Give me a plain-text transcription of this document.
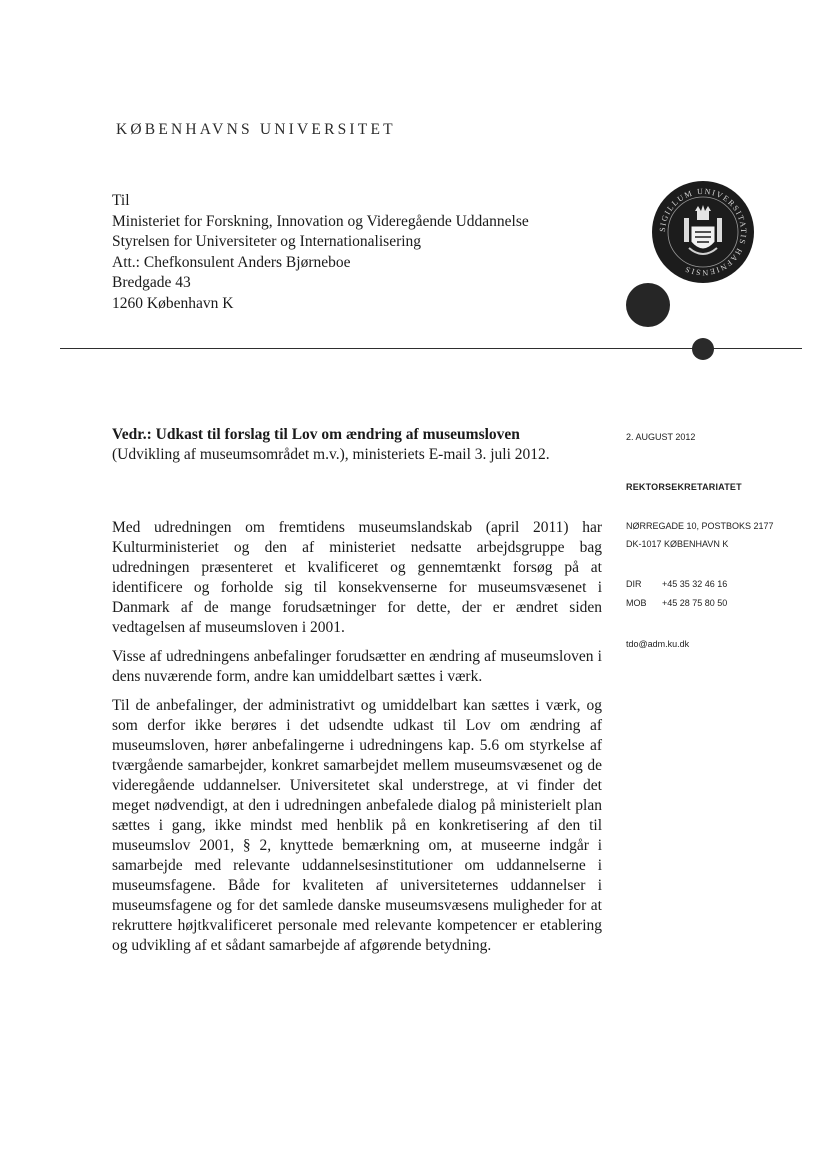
KØBENHAVNS UNIVERSITET
Til
Ministeriet for Forskning, Innovation og Videregående Uddannelse
Styrelsen for Universiteter og Internationalisering
Att.: Chefkonsulent Anders Bjørneboe
Bredgade 43
1260 København K
SIGILLUM UNIVERSITATIS HAFNIENSIS
Vedr.: Udkast til forslag til Lov om ændring af museumsloven
(Udvikling af museumsområdet m.v.), ministeriets E-mail 3. juli 2012.
2. AUGUST 2012
REKTORSEKRETARIATET
NØRREGADE 10, POSTBOKS 2177
DK-1017 KØBENHAVN K
DIR	+45 35 32 46 16
MOB	+45 28 75 80 50
tdo@adm.ku.dk

Med udredningen om fremtidens museumslandskab (april 2011) har Kulturministeriet og den af ministeriet nedsatte arbejdsgruppe bag udredningen præsenteret et kvalificeret og gennemtænkt forsøg på at identificere og forholde sig til konsekvenserne for museumsvæsenet i Danmark af de mange forudsætninger for dette, der er ændret siden vedtagelsen af museumsloven i 2001.

Visse af udredningens anbefalinger forudsætter en ændring af museumsloven i dens nuværende form, andre kan umiddelbart sættes i værk.

Til de anbefalinger, der administrativt og umiddelbart kan sættes i værk, og som derfor ikke berøres i det udsendte udkast til Lov om ændring af museumsloven, hører anbefalingerne i udredningens kap. 5.6 om styrkelse af tværgående samarbejder, konkret samarbejdet mellem museumsvæsenet og de videregående uddannelser. Universitetet skal understrege, at vi finder det meget nødvendigt, at den i udredningen anbefalede dialog på ministerielt plan sættes i gang, ikke mindst med henblik på en konkretisering af den til museumslov 2001, § 2, knyttede bemærkning om, at museerne indgår i samarbejde med relevante uddannelsesinstitutioner om uddannelserne i museumsfagene. Både for kvaliteten af universiteternes uddannelser i museumsfagene og for det samlede danske museumsvæsens muligheder for at rekruttere højtkvalificeret personale med relevante kompetencer er etablering og udvikling af et sådant samarbejde af afgørende betydning.
